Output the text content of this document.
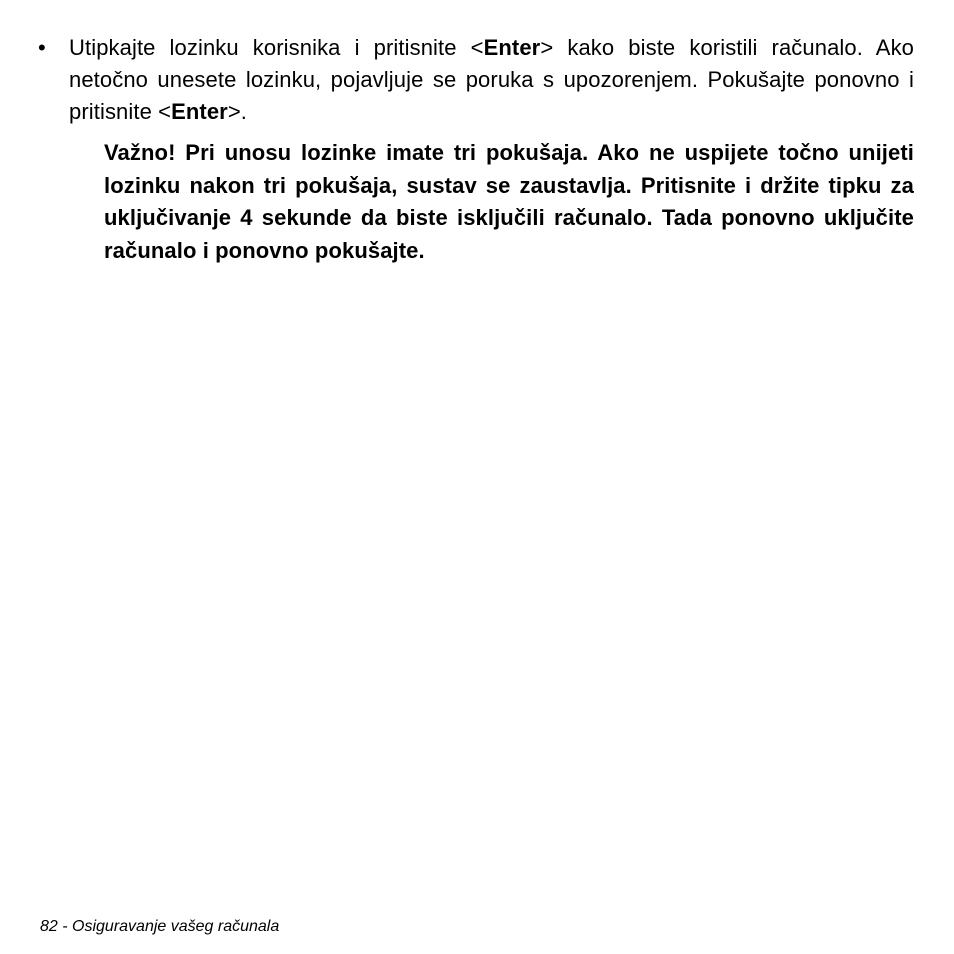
• Utipkajte lozinku korisnika i pritisnite <Enter> kako biste koristili računalo. Ako netočno unesete lozinku, pojavljuje se poruka s upozorenjem. Pokušajte ponovno i pritisnite <Enter>.
Važno! Pri unosu lozinke imate tri pokušaja. Ako ne uspijete točno unijeti lozinku nakon tri pokušaja, sustav se zaustavlja. Pritisnite i držite tipku za uključivanje 4 sekunde da biste isključili računalo. Tada ponovno uključite računalo i ponovno pokušajte.
82 - Osiguravanje vašeg računala
